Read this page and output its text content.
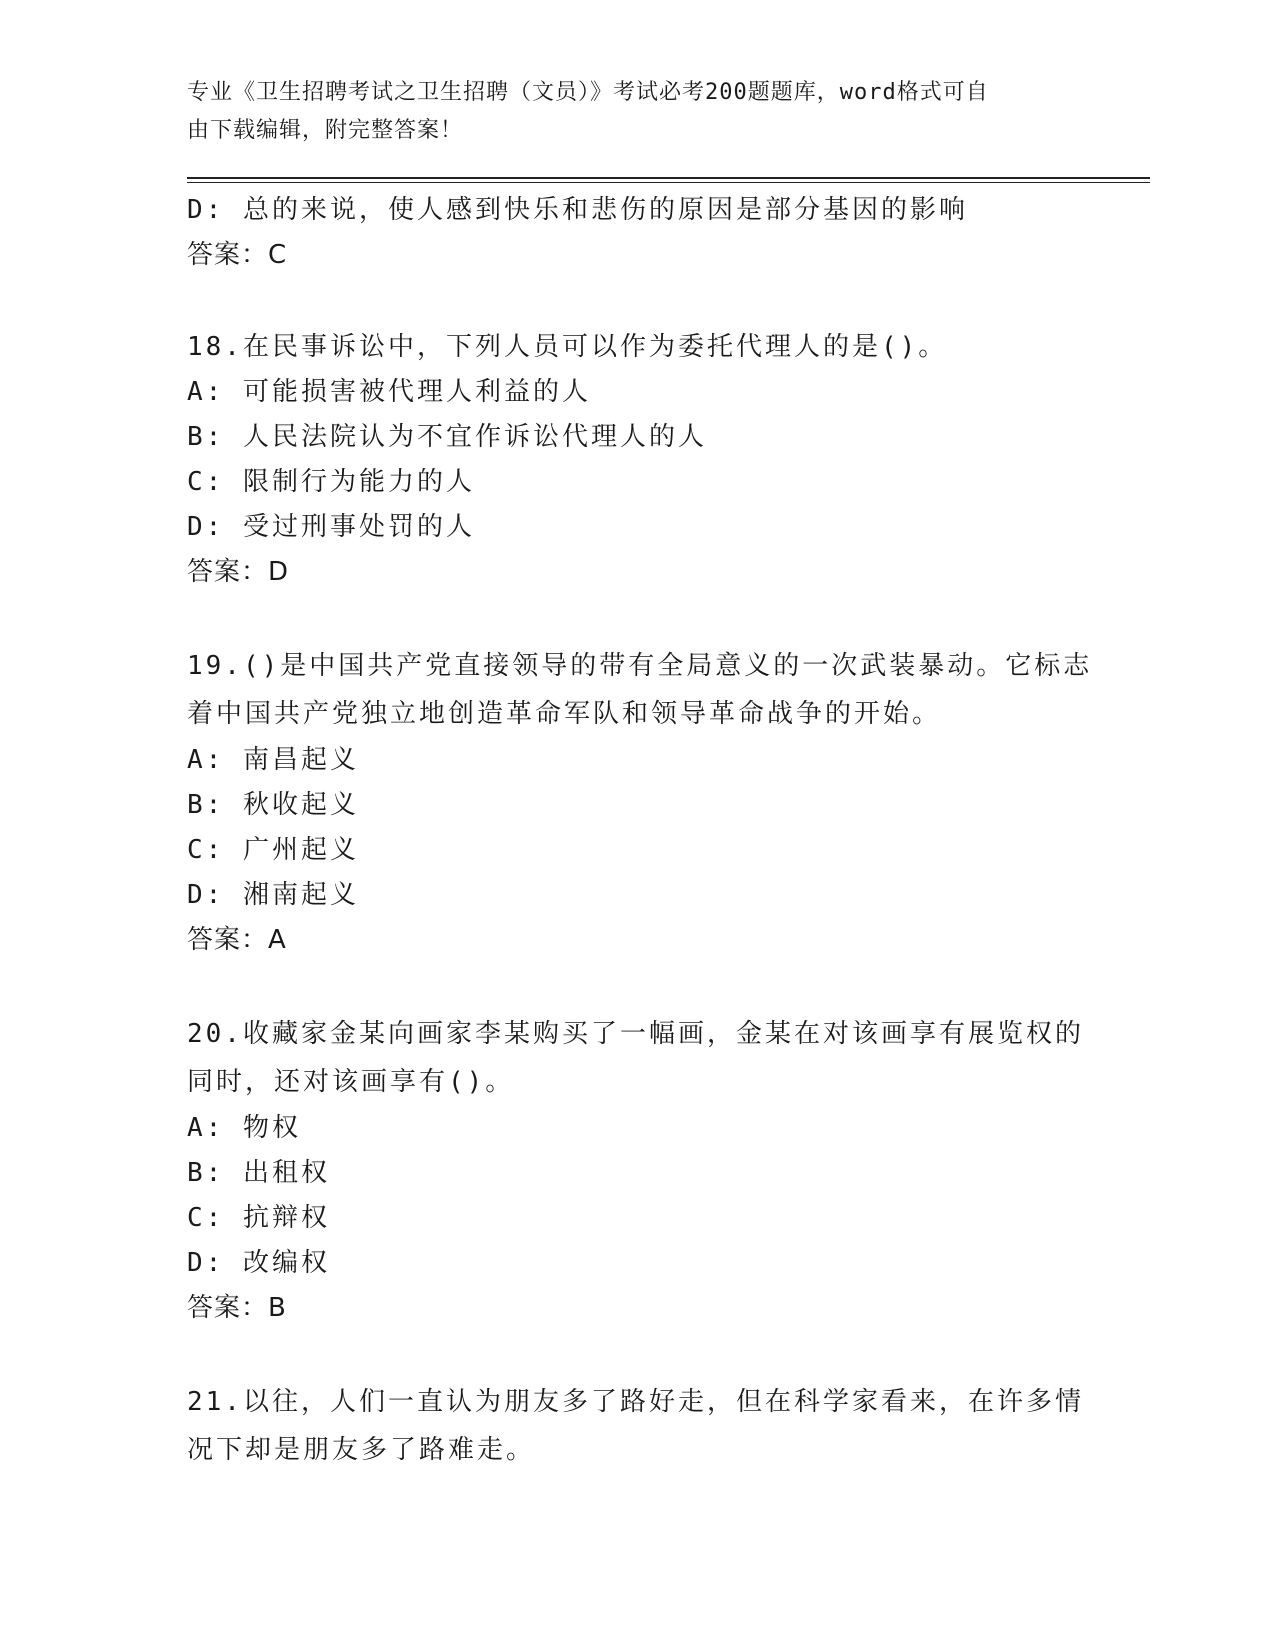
专业《卫生招聘考试之卫生招聘（文员）》考试必考200题题库，word格式可自
由下载编辑，附完整答案！
D: 总的来说，使人感到快乐和悲伤的原因是部分基因的影响
答案：C
18.在民事诉讼中，下列人员可以作为委托代理人的是()。
A: 可能损害被代理人利益的人
B: 人民法院认为不宜作诉讼代理人的人
C: 限制行为能力的人
D: 受过刑事处罚的人
答案：D
19.()是中国共产党直接领导的带有全局意义的一次武装暴动。它标志
着中国共产党独立地创造革命军队和领导革命战争的开始。
A: 南昌起义
B: 秋收起义
C: 广州起义
D: 湘南起义
答案：A
20.收藏家金某向画家李某购买了一幅画，金某在对该画享有展览权的
同时，还对该画享有()。
A: 物权
B: 出租权
C: 抗辩权
D: 改编权
答案：B
21.以往，人们一直认为朋友多了路好走，但在科学家看来，在许多情
况下却是朋友多了路难走。
